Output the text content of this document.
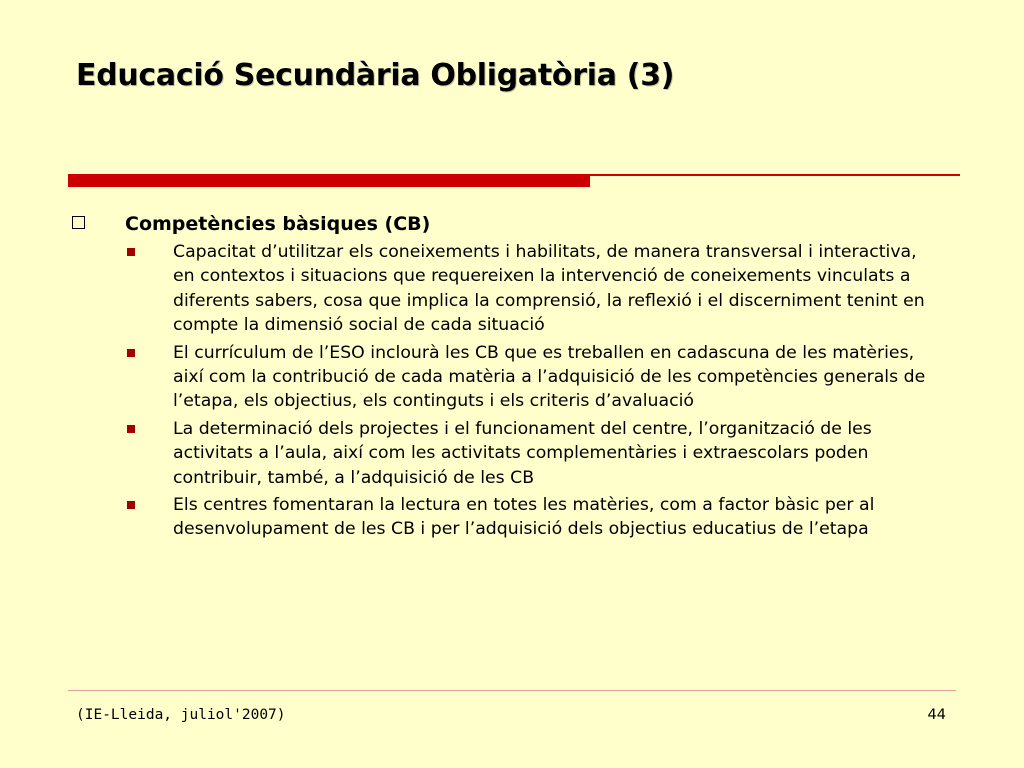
Educació Secundària Obligatòria (3)
Competències bàsiques (CB)
Capacitat d’utilitzar els coneixements i habilitats, de manera transversal i interactiva, en contextos i situacions que requereixen la intervenció de coneixements vinculats a diferents sabers, cosa que implica la comprensió, la reflexió i el discerniment tenint en compte la dimensió social de cada situació
El currículum de l’ESO inclourà les CB que es treballen en cadascuna de les matèries, així com la contribució de cada matèria a l’adquisició de les competències generals de l’etapa, els objectius, els continguts i els criteris d’avaluació
La determinació dels projectes i el funcionament del centre, l’organització de les activitats a l’aula, així com les activitats complementàries i extraescolars poden contribuir, també, a l’adquisició de les CB
Els centres fomentaran la lectura en totes les matèries, com a factor bàsic per al desenvolupament de les CB i per l’adquisició dels objectius educatius de l’etapa
(IE-Lleida, juliol'2007)	44
